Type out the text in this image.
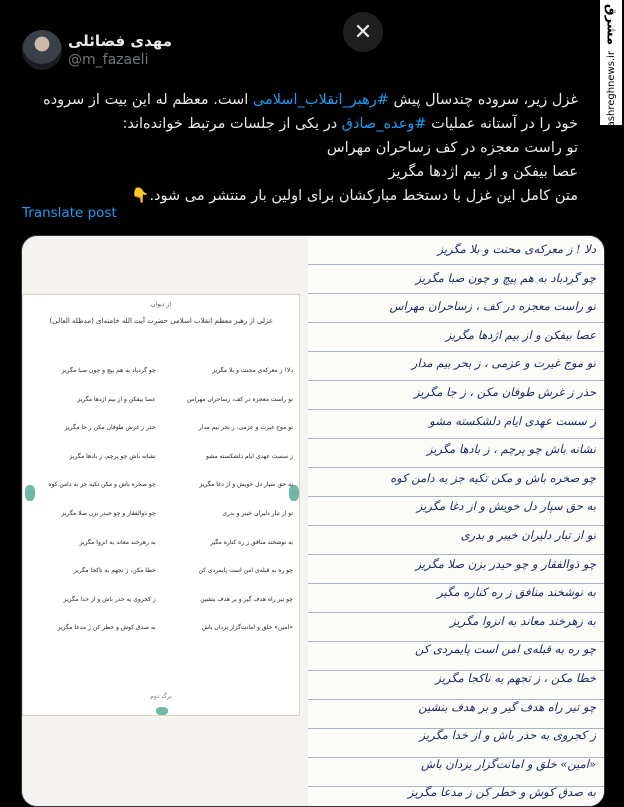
✕	مشرق
mashreghnews.ir
مهدی فضائلی
@m_fazaeli
غزل زیر، سروده چندسال پیش #رهبر_انقلاب_اسلامی است. معظم له این بیت از سروده خود را در آستانه عملیات #وعده_صادق در یکی از جلسات مرتبط خوانده‌اند:
تو راست معجزه در کف زساحران مهراس
عصا بیفکن و از بیم اژدها مگریز
متن کامل این غزل با دستخط مبارکشان برای اولین بار منتشر می شود.👇
Translate post
از دیوان
غزلی از رهبر معظم انقلاب اسلامی حضرت آیت الله خامنه‌ای (مدظله العالی)
دلا! ز معرکه‌ی محنت و بلا مگریز
چو گردباد به هم پیچ و چون صبا مگریز
تو راست معجزه در کف، زساحران مهراس
عصا بیفکن و از بیم اژدها مگریز
تو موج غیرت و عزمی، ز بحر بیم مدار
حذر ز غرش طوفان مکن ز جا مگریز
ز سست عهدی ایام دلشکسته مشو
نشانه باش چو پرچم، ز بادها مگریز
به حق سپار دل خویش و از دغا مگریز
چو صخره باش و مکن تکیه جز به دامن کوه
تو از تبار دلیران خیبر و بدری
چو ذوالفقار و چو حیدر بزن صلا مگریز
به نوشخند منافق ز ره کناره مگیر
به زهرخند معاند به انزوا مگریز
چو ره به قبله‌ی امن است پایمردی کن
خطا مکن، ز تجهم به ناکجا مگریز
چو تیر راه هدف گیر و بر هدف بنشین
ز کجروی به حذر باش و از خدا مگریز
«امین» خلق و امانت‌گزار یزدان باش
به صدق کوش و خطر کن ز مدعا مگریز
برگ دوم
دلا ! ز معرکه‌ی محنت و بلا مگریز
چو گردباد به هم پیچ و چون صبا مگریز
تو راست معجزه در کف ، زساحران مهراس
عصا بیفکن و از بیم اژدها مگریز
تو موج غیرت و عزمی ، ز بحر بیم مدار
حذر ز غرش طوفان مکن ، ز جا مگریز
ز سست عهدی ایام دلشکسته مشو
نشانه باش چو پرچم ، ز بادها مگریز
چو صخره باش و مکن تکیه جز به دامن کوه
به حق سپار دل خویش و از دغا مگریز
تو از تبار دلیران خیبر و بدری
چو ذوالفقار و چو حیدر بزن صلا مگریز
به نوشخند منافق ز ره کناره مگیر
به زهرخند معاند به انزوا مگریز
چو ره به قبله‌ی امن است پایمردی کن
خطا مکن ، ز تجهم به ناکجا مگریز
چو تیر راه هدف گیر و بر هدف بنشین
ز کجروی به حذر باش و از خدا مگریز
«امین» خلق و امانت‌گزار یزدان باش
به صدق کوش و خطر کن ز مدعا مگریز
